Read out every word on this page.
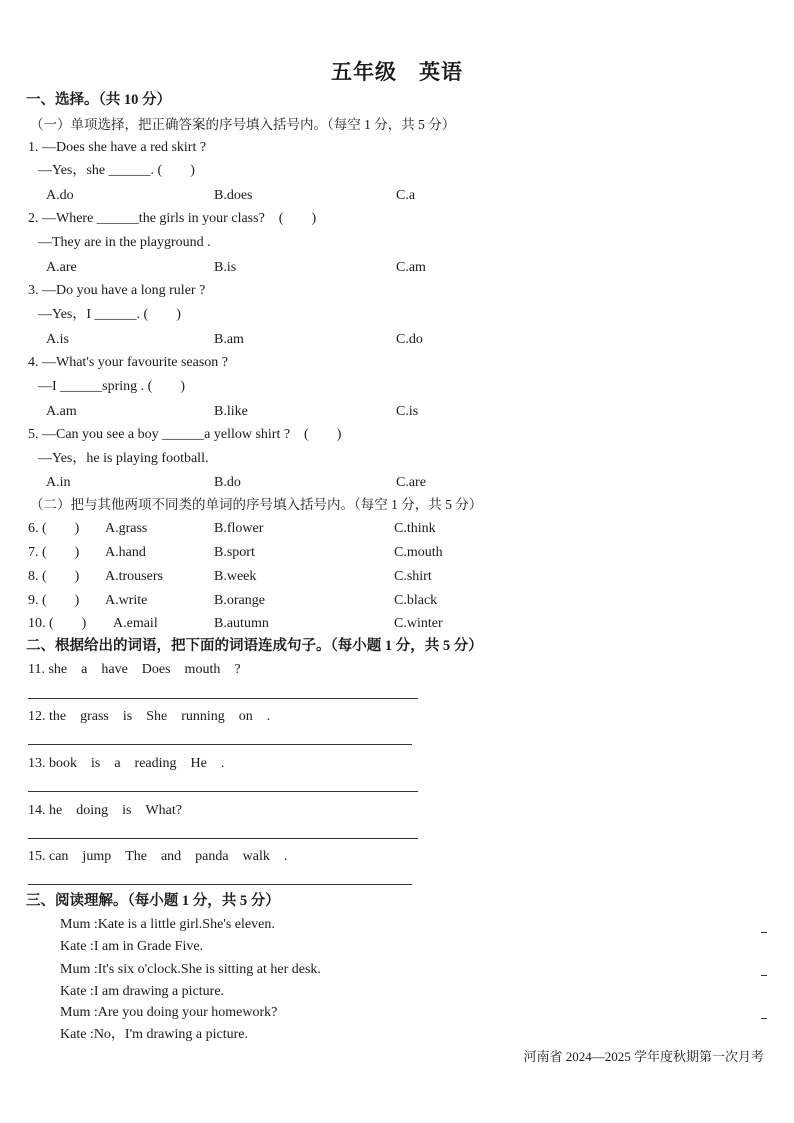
五年级　英语
一、选择。（共 10 分）
（一）单项选择，把正确答案的序号填入括号内。（每空 1 分，共 5 分）
1. —Does she have a red skirt ?
—Yes，she ______. (　　)
A.do	B.does	C.a
2. —Where ______the girls in your class?　(　　)
—They are in the playground .
A.are	B.is	C.am
3. —Do you have a long ruler ?
—Yes，I ______. (　　)
A.is	B.am	C.do
4. —What's your favourite season ?
—I ______spring . (　　)
A.am	B.like	C.is
5. —Can you see a boy ______a yellow shirt ?　(　　)
—Yes，he is playing football.
A.in	B.do	C.are
（二）把与其他两项不同类的单词的序号填入括号内。（每空 1 分，共 5 分）
6. (　　) A.grass	B.flower	C.think
7. (　　) A.hand	B.sport	C.mouth
8. (　　) A.trousers	B.week	C.shirt
9. (　　) A.write	B.orange	C.black
10. (　　) A.email	B.autumn	C.winter
二、根据给出的词语，把下面的词语连成句子。（每小题 1 分，共 5 分）
11. she　a　have　Does　mouth　?
12. the　grass　is　She　running　on　.
13. book　is　a　reading　He　.
14. he　doing　is　What?
15. can　jump　The　and　panda　walk　.
三、阅读理解。（每小题 1 分，共 5 分）
Mum :Kate is a little girl.She's eleven.
Kate :I am in Grade Five.
Mum :It's six o'clock.She is sitting at her desk.
Kate :I am drawing a picture.
Mum :Are you doing your homework?
Kate :No，I'm drawing a picture.
河南省 2024—2025 学年度秋期第一次月考
